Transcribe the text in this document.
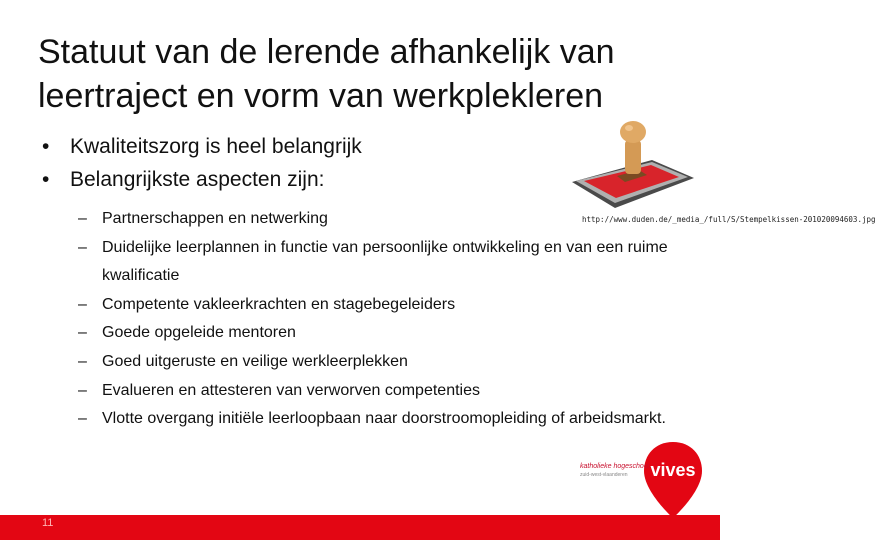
Statuut van de lerende afhankelijk van leertraject en vorm van werkplekleren
• Kwaliteitszorg is heel belangrijk
• Belangrijkste aspecten zijn:
– Partnerschappen en netwerking
– Duidelijke leerplannen in functie van persoonlijke ontwikkeling en van een ruime kwalificatie
– Competente vakleerkrachten en stagebegeleiders
– Goede opgeleide mentoren
– Goed uitgeruste en veilige werkleerplekken
– Evalueren en attesteren van verworven competenties
– Vlotte overgang initiële leerloopbaan naar doorstroomopleiding of arbeidsmarkt.
http://www.duden.de/_media_/full/S/Stempelkissen-201020094603.jpg
vives
katholieke hogeschool
zuid-west-vlaanderen
11
